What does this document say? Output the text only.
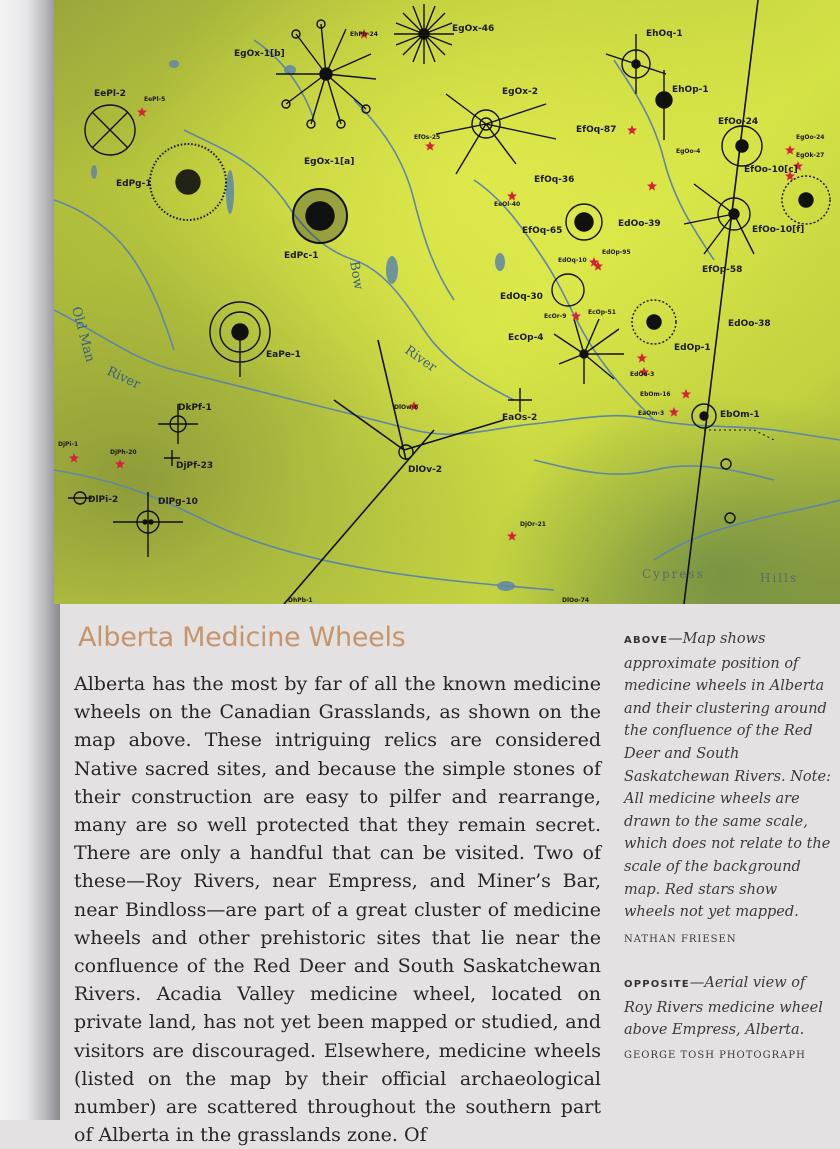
EgOx-46
EhPb-24
EgOx-1[b]
EhOq-1
EePl-2
EePl-5
EgOx-2	EhOp-1
EfOo-24
EgOo-24
EgOk-27
EfOq-87
EgOo-4
EfOs-25
EgOx-1[a]
EdPg-1	EfOq-36
EfOo-10[c]
EfOo-10[f]
EeOl-40
EfOq-65
EdOo-39
EdOp-95
EdOq-10
EdPc-1
EfOp-58
EdOq-30
EcOr-9
EcOp-51
EcOp-4
EdOo-38
EdOp-1
EaPe-1
EdOo-3
EbOm-16
EaOm-3	EbOm-1
DkPf-1	DlOw-6
EaOs-2
DjPi-1
DjPh-20
DjPf-23	DlOv-2
DlPi-2	DlPg-10
DjOr-21
DlOo-74
DhPb-1
Bow
River
Old Man
River
Cypress	Hills
Alberta Medicine Wheels

Alberta has the most by far of all the known medicine wheels on the Canadian Grasslands, as shown on the map above. These intriguing relics are considered Native sacred sites, and because the simple stones of their construction are easy to pilfer and rearrange, many are so well protected that they remain secret. There are only a handful that can be visited. Two of these—Roy Rivers, near Empress, and Miner’s Bar, near Bindloss—are part of a great cluster of medicine wheels and other prehistoric sites that lie near the confluence of the Red Deer and South Saskatchewan Rivers. Acadia Valley medicine wheel, located on private land, has not yet been mapped or studied, and visitors are discouraged. Elsewhere, medicine wheels (listed on the map by their official archaeological number) are scattered throughout the southern part of Alberta in the grasslands zone. Of

ABOVE—Map shows approximate position of medicine wheels in Alberta and their clustering around the confluence of the Red Deer and South Saskatchewan Rivers. Note: All medicine wheels are drawn to the same scale, which does not relate to the scale of the background map. Red stars show wheels not yet mapped.

NATHAN FRIESEN

OPPOSITE—Aerial view of Roy Rivers medicine wheel above Empress, Alberta.

GEORGE TOSH PHOTOGRAPH
